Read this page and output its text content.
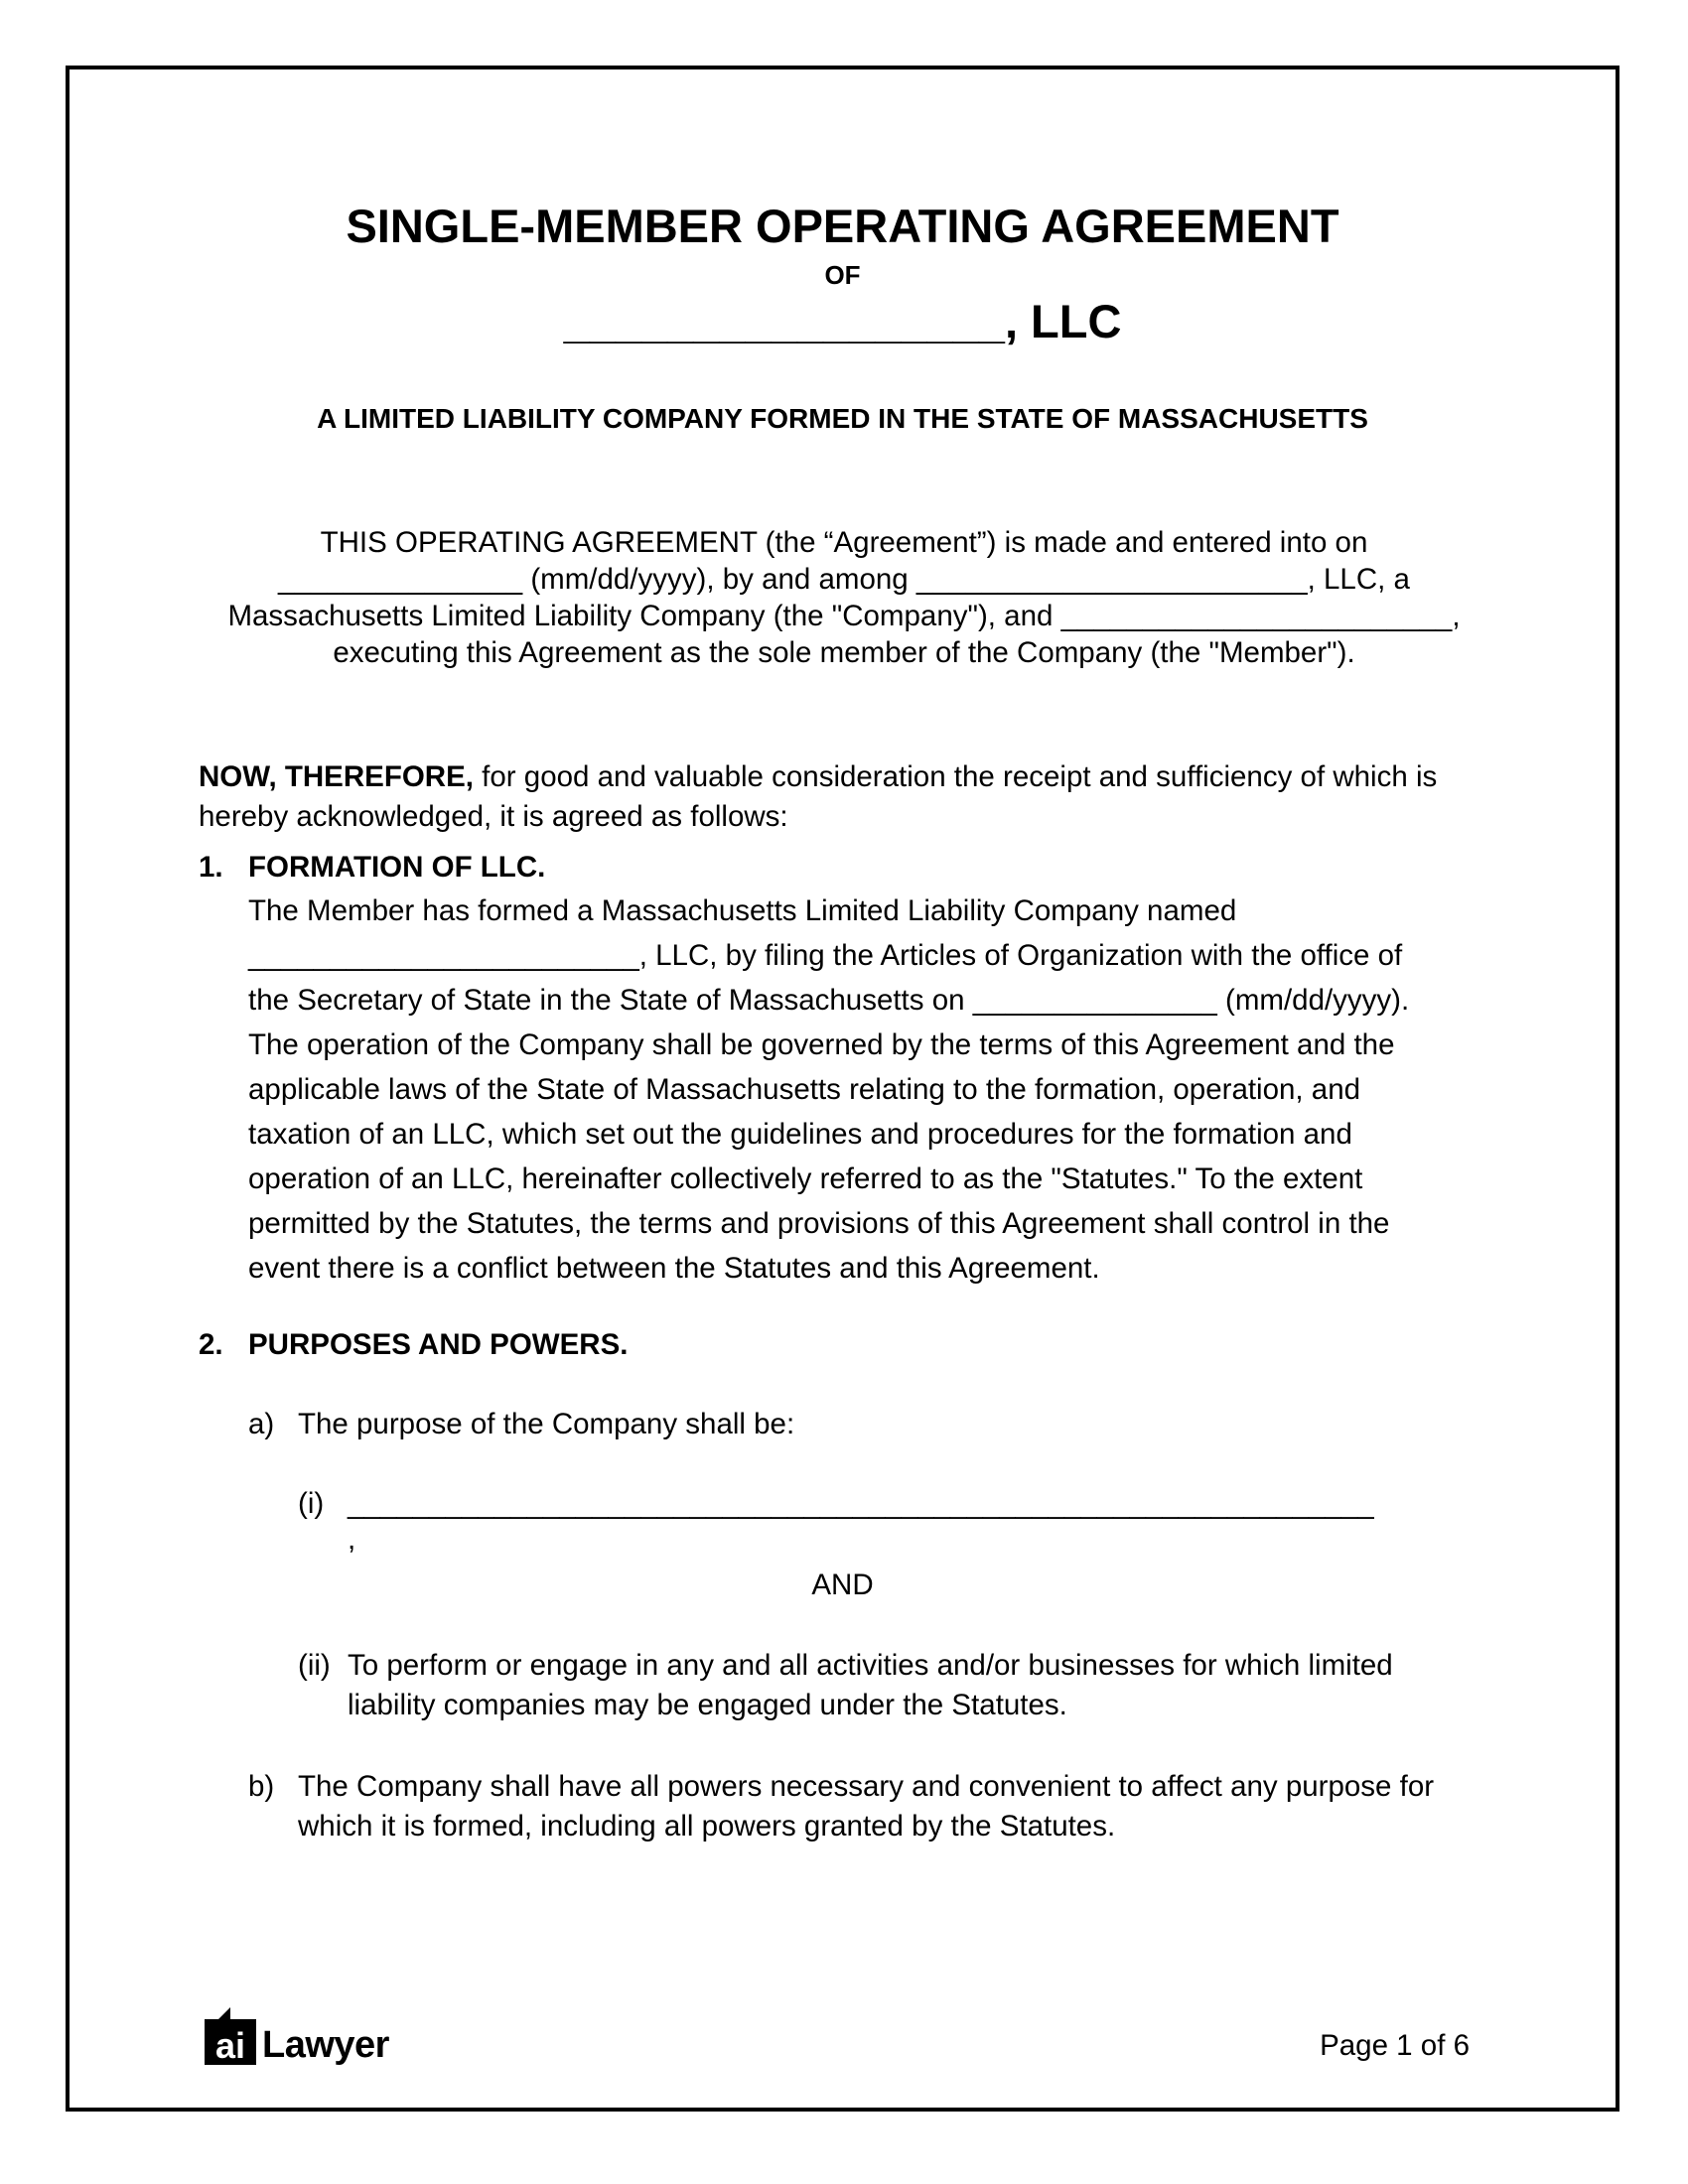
SINGLE-MEMBER OPERATING AGREEMENT
OF
_________________, LLC
A LIMITED LIABILITY COMPANY FORMED IN THE STATE OF MASSACHUSETTS
THIS OPERATING AGREEMENT (the “Agreement”) is made and entered into on
_______________ (mm/dd/yyyy), by and among ________________________, LLC, a
Massachusetts Limited Liability Company (the "Company"), and ________________________,
executing this Agreement as the sole member of the Company (the "Member").
NOW, THEREFORE, for good and valuable consideration the receipt and sufficiency of which is
hereby acknowledged, it is agreed as follows:
1. FORMATION OF LLC.
The Member has formed a Massachusetts Limited Liability Company named
________________________, LLC, by filing the Articles of Organization with the office of
the Secretary of State in the State of Massachusetts on _______________ (mm/dd/yyyy).
The operation of the Company shall be governed by the terms of this Agreement and the
applicable laws of the State of Massachusetts relating to the formation, operation, and
taxation of an LLC, which set out the guidelines and procedures for the formation and
operation of an LLC, hereinafter collectively referred to as the "Statutes." To the extent
permitted by the Statutes, the terms and provisions of this Agreement shall control in the
event there is a conflict between the Statutes and this Agreement.
2. PURPOSES AND POWERS.
a) The purpose of the Company shall be:
(i) _______________________________________________________________
,
AND
(ii) To perform or engage in any and all activities and/or businesses for which limited
liability companies may be engaged under the Statutes.
b) The Company shall have all powers necessary and convenient to affect any purpose for
which it is formed, including all powers granted by the Statutes.
ai Lawyer	Page 1 of 6
